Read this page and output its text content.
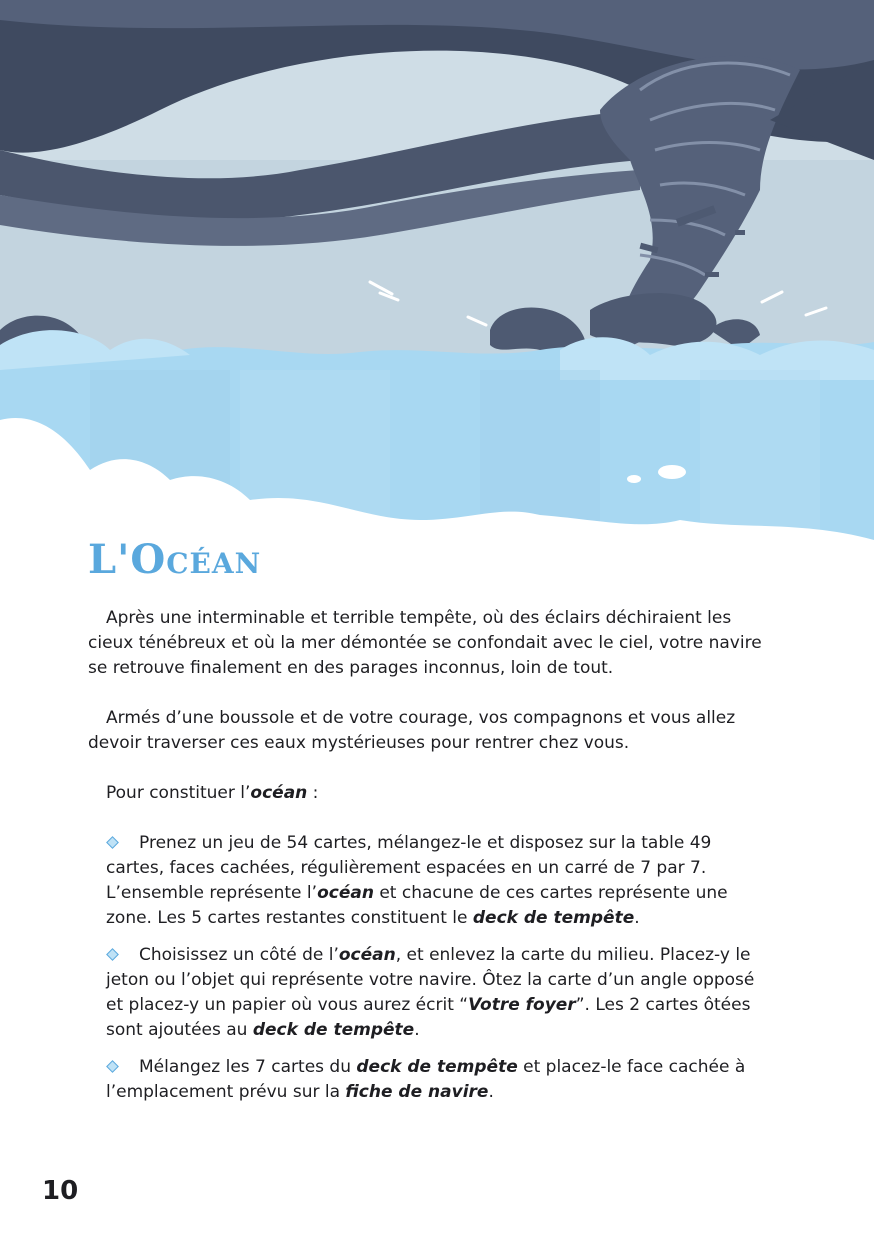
L'Océan

Après une interminable et terrible tempête, où des éclairs déchiraient les cieux ténébreux et où la mer démontée se confondait avec le ciel, votre navire se retrouve finalement en des parages inconnus, loin de tout.

Armés d’une boussole et de votre courage, vos compagnons et vous allez devoir traverser ces eaux mystérieuses pour rentrer chez vous.

Pour constituer l’océan :

Prenez un jeu de 54 cartes, mélangez-le et disposez sur la table 49 cartes, faces cachées, régulièrement espacées en un carré de 7 par 7. L’ensemble représente l’océan et chacune de ces cartes représente une zone. Les 5 cartes restantes constituent le deck de tempête.

Choisissez un côté de l’océan, et enlevez la carte du milieu. Placez-y le jeton ou l’objet qui représente votre navire. Ôtez la carte d’un angle opposé et placez-y un papier où vous aurez écrit “Votre foyer”. Les 2 cartes ôtées sont ajoutées au deck de tempête.

Mélangez les 7 cartes du deck de tempête et placez-le face cachée à l’emplacement prévu sur la fiche de navire.

10
